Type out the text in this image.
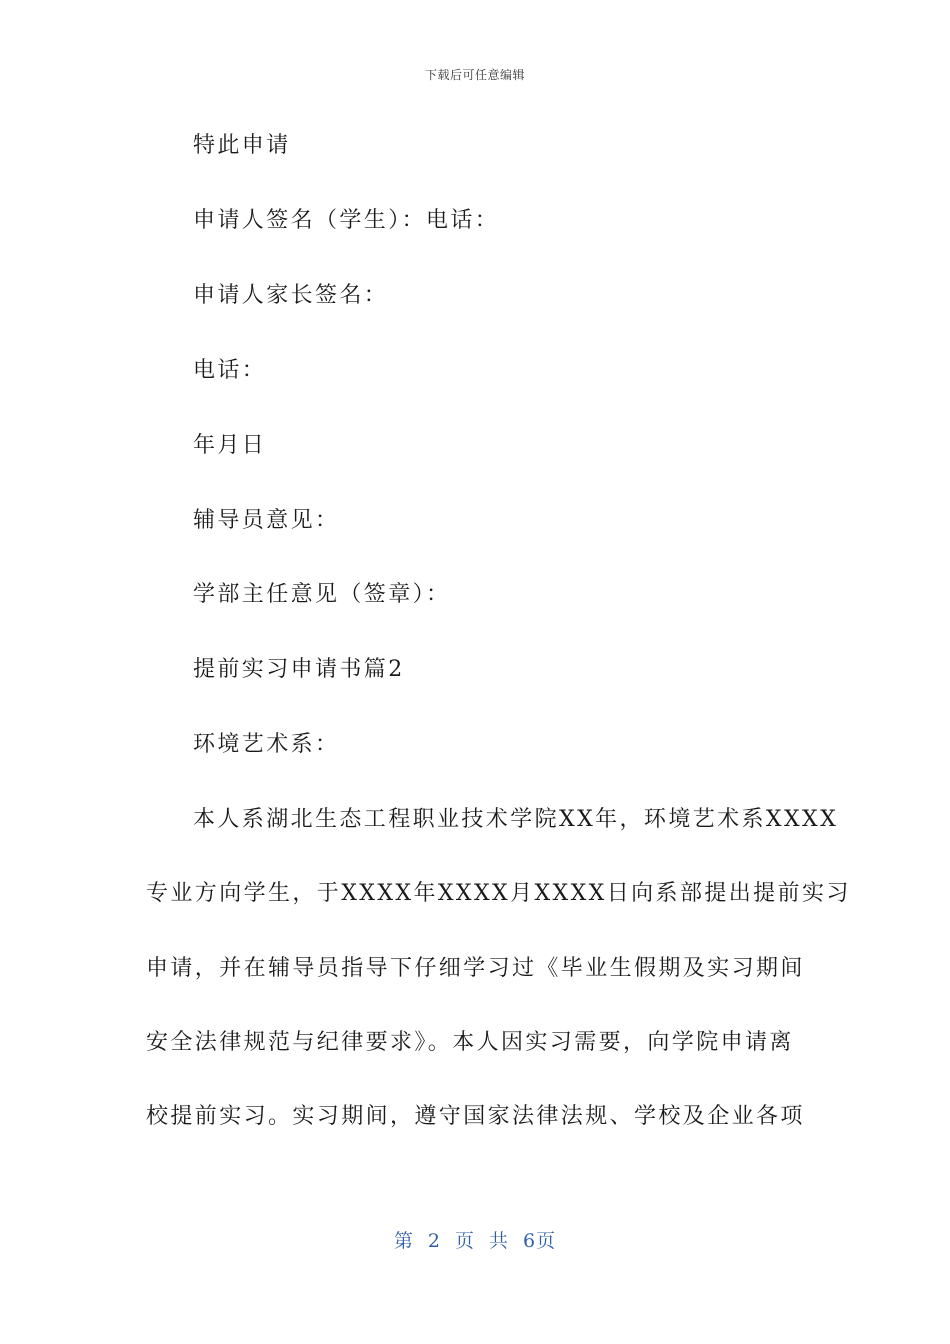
下载后可任意编辑
特此申请
申请人签名（学生）：电话：
申请人家长签名：
电话：
年月日
辅导员意见：
学部主任意见（签章）：
提前实习申请书篇2
环境艺术系：
本人系湖北生态工程职业技术学院XX年，环境艺术系XXXX
专业方向学生，于XXXX年XXXX月XXXX日向系部提出提前实习
申请，并在辅导员指导下仔细学习过《毕业生假期及实习期间
安全法律规范与纪律要求》。本人因实习需要，向学院申请离
校提前实习。实习期间，遵守国家法律法规、学校及企业各项
第 2 页 共 6页
